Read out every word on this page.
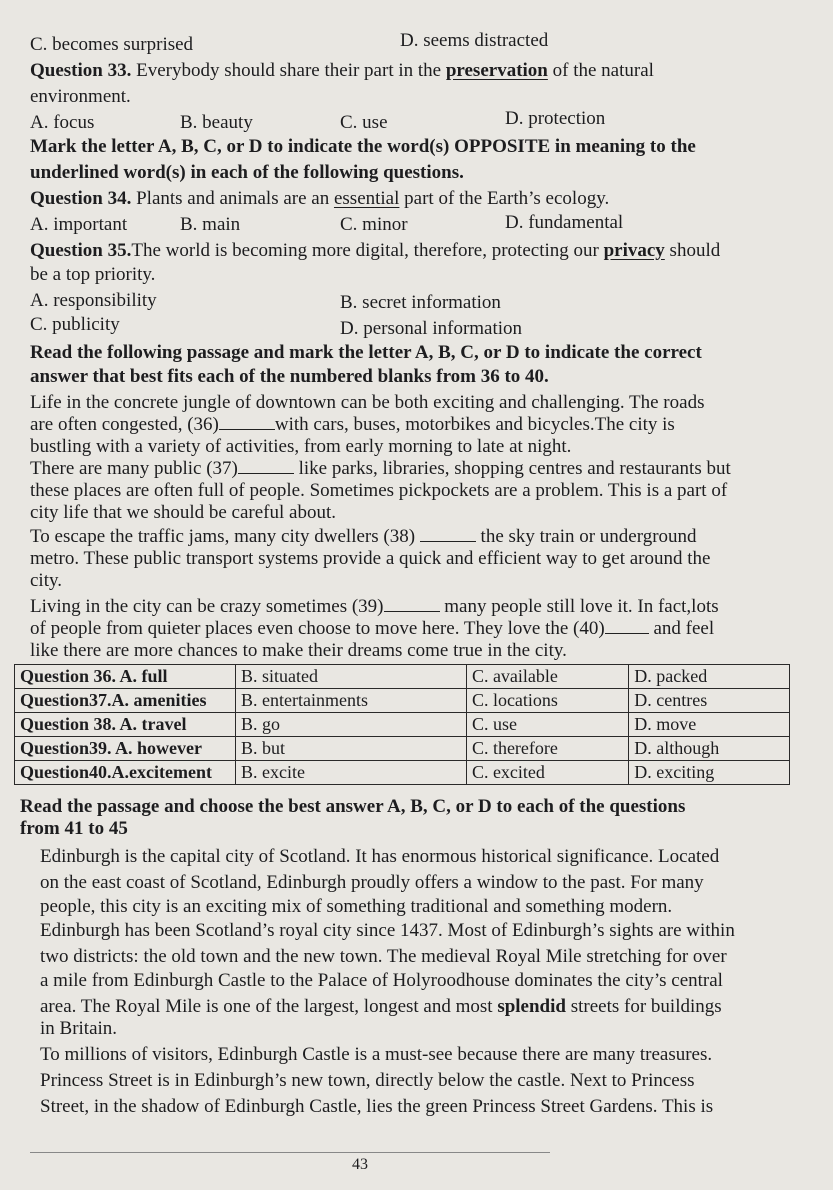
C. becomes surprised	D. seems distracted
Question 33. Everybody should share their part in the preservation of the natural
environment.
A. focus	B. beauty	C. use	D. protection
Mark the letter A, B, C, or D to indicate the word(s) OPPOSITE in meaning to the
underlined word(s) in each of the following questions.
Question 34. Plants and animals are an essential part of the Earth’s ecology.
A. important	B. main	C. minor	D. fundamental
Question 35.The world is becoming more digital, therefore, protecting our privacy should
be a top priority.
A. responsibility	B. secret information
C. publicity	D. personal information
Read the following passage and mark the letter A, B, C, or D to indicate the correct
answer that best fits each of the numbered blanks from 36 to 40.
Life in the concrete jungle of downtown can be both exciting and challenging. The roads
are often congested, (36)	with cars, buses, motorbikes and bicycles.The city is
bustling with a variety of activities, from early morning to late at night.
There are many public (37)	like parks, libraries, shopping centres and restaurants but
these places are often full of people. Sometimes pickpockets are a problem. This is a part of
city life that we should be careful about.
To escape the traffic jams, many city dwellers (38)	the sky train or underground
metro. These public transport systems provide a quick and efficient way to get around the
city.
Living in the city can be crazy sometimes (39)	many people still love it. In fact,lots
of people from quieter places even choose to move here. They love the (40)	and feel
like there are more chances to make their dreams come true in the city.
Question 36. A. full	B. situated	C. available	D. packed
Question37.A. amenities	B. entertainments	C. locations	D. centres
Question 38. A. travel	B. go	C. use	D. move
Question39. A. however	B. but	C. therefore	D. although
Question40.A.excitement	B. excite	C. excited	D. exciting
Read the passage and choose the best answer A, B, C, or D to each of the questions
from 41 to 45
Edinburgh is the capital city of Scotland. It has enormous historical significance. Located
on the east coast of Scotland, Edinburgh proudly offers a window to the past. For many
people, this city is an exciting mix of something traditional and something modern.
Edinburgh has been Scotland’s royal city since 1437. Most of Edinburgh’s sights are within
two districts: the old town and the new town. The medieval Royal Mile stretching for over
a mile from Edinburgh Castle to the Palace of Holyroodhouse dominates the city’s central
area. The Royal Mile is one of the largest, longest and most splendid streets for buildings
in Britain.
To millions of visitors, Edinburgh Castle is a must-see because there are many treasures.
Princess Street is in Edinburgh’s new town, directly below the castle. Next to Princess
Street, in the shadow of Edinburgh Castle, lies the green Princess Street Gardens. This is
43
